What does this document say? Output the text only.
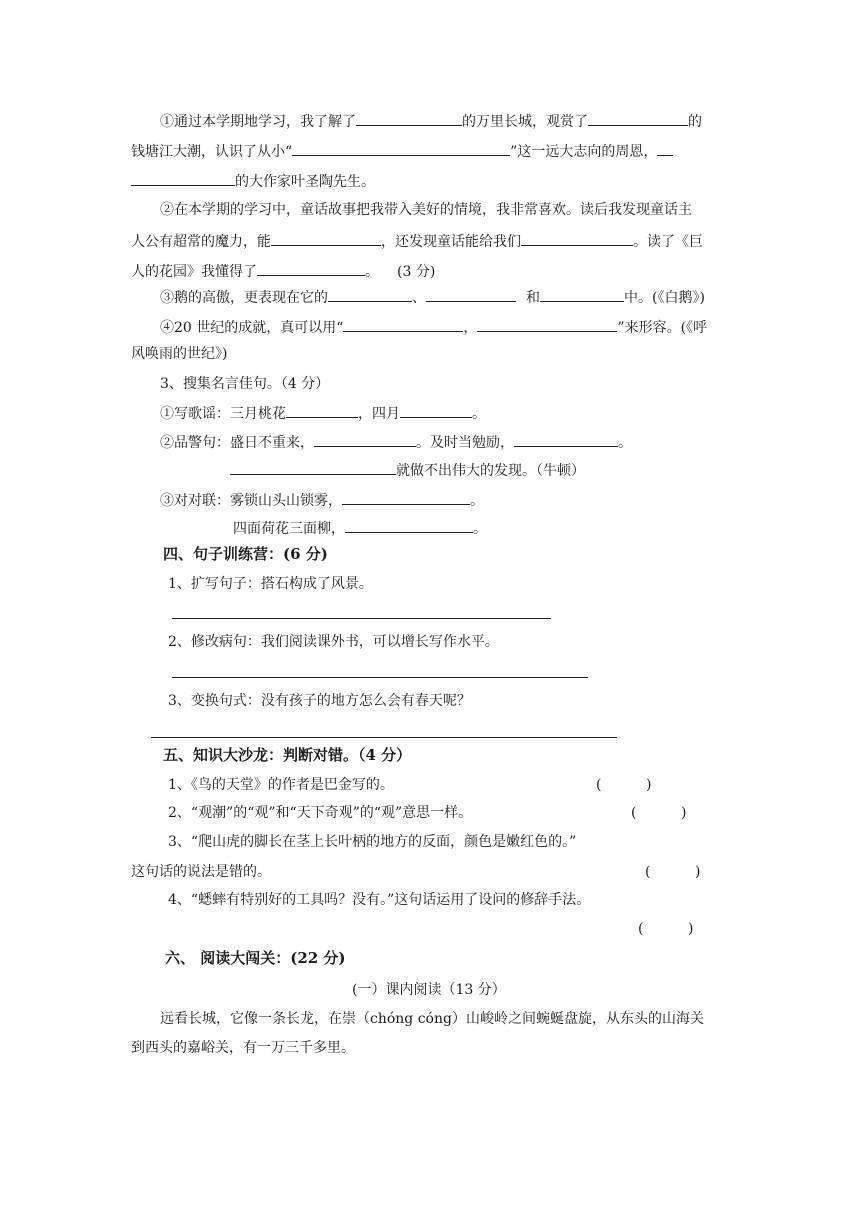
①通过本学期地学习，我了解了	的万里长城，观赏了	的
钱塘江大潮，认识了从小“	”这一远大志向的周恩，
的大作家叶圣陶先生。
②在本学期的学习中，童话故事把我带入美好的情境，我非常喜欢。读后我发现童话主
人公有超常的魔力，能	，还发现童话能给我们	。读了《巨
人的花园》我懂得了	。 (3 分)
③鹅的高傲，更表现在它的	、	和	中。(《白鹅》)
④20 世纪的成就，真可以用“	，	”来形容。(《呼
风唤雨的世纪》)
3、搜集名言佳句。（4 分）
①写歌谣：三月桃花	，四月	。
②品警句：盛日不重来，	。及时当勉励，	。
就做不出伟大的发现。（牛顿）
③对对联：雾锁山头山锁雾，	。
四面荷花三面柳，	。
四、句子训练营：(6 分)
1、扩写句子：搭石构成了风景。
2、修改病句：我们阅读课外书，可以增长写作水平。
3、变换句式：没有孩子的地方怎么会有春天呢？
五、知识大沙龙：判断对错。（4 分）
1、《鸟的天堂》的作者是巴金写的。	(          )
2、“观潮”的“观”和“天下奇观”的“观”意思一样。	(          )
3、“爬山虎的脚长在茎上长叶柄的地方的反面，颜色是嫩红色的。”
这句话的说法是错的。	(          )
4、“蟋蟀有特别好的工具吗？没有。”这句话运用了设问的修辞手法。
(          )
六、 阅读大闯关：(22 分)
(一）课内阅读（13 分）
远看长城，它像一条长龙，在崇（chóng cóng）山峻岭之间蜿蜒盘旋，从东头的山海关
到西头的嘉峪关，有一万三千多里。
